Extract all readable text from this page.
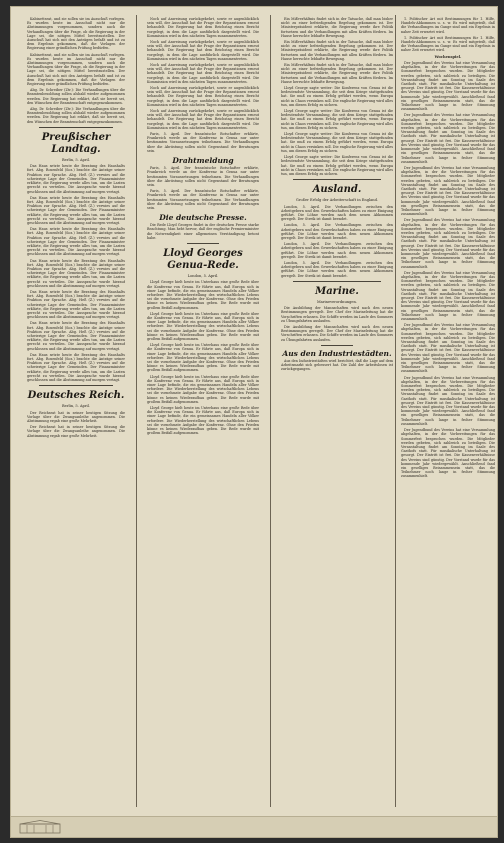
Kabinettsrat, und sie sollen sie im Ausschuß vorlegen. Es wurden heute im Ausschuß nicht nur die Abstimmungen vorgenommen, sondern auch die Verhandlungen über die Frage, ob die Regierung in der Lage sei, die nötigen Mittel bereitzustellen. Der Ausschuß hat sich mit den Anträgen befaßt und ist zu dem Ergebnis gekommen, daß die Vorlagen der Regierung einer gründlichen Prüfung bedürfen.

Kabinettsrat, und sie sollen sie im Ausschuß vorlegen. Es wurden heute im Ausschuß nicht nur die Abstimmungen vorgenommen, sondern auch die Verhandlungen über die Frage, ob die Regierung in der Lage sei, die nötigen Mittel bereitzustellen. Der Ausschuß hat sich mit den Anträgen befaßt und ist zu dem Ergebnis gekommen, daß die Vorlagen der Regierung einer gründlichen Prüfung bedürfen.

Abg. Dr. Schreiber (Ztr.): Die Verhandlungen über die Beamtenbesoldung sollen alsbald wieder aufgenommen werden. Die Regierung hat erklärt, daß sie bereit sei, den Wünschen der Beamtenschaft entgegenzukommen.

Abg. Dr. Schreiber (Ztr.): Die Verhandlungen über die Beamtenbesoldung sollen alsbald wieder aufgenommen werden. Die Regierung hat erklärt, daß sie bereit sei, den Wünschen der Beamtenschaft entgegenzukommen.

Preußischer Landtag.
Berlin, 5. April.

Das Haus setzte heute die Beratung des Haushalts fort. Abg. Rosenfeld (Soz.) brachte die Anträge seiner Fraktion zur Sprache. Abg. Heß (Z.) verwies auf die schwierige Lage der Gemeinden. Der Finanzminister erklärte, die Regierung werde alles tun, um die Lasten gerecht zu verteilen. Die Aussprache wurde hierauf geschlossen und die Abstimmung auf morgen vertagt.

Das Haus setzte heute die Beratung des Haushalts fort. Abg. Rosenfeld (Soz.) brachte die Anträge seiner Fraktion zur Sprache. Abg. Heß (Z.) verwies auf die schwierige Lage der Gemeinden. Der Finanzminister erklärte, die Regierung werde alles tun, um die Lasten gerecht zu verteilen. Die Aussprache wurde hierauf geschlossen und die Abstimmung auf morgen vertagt.

Das Haus setzte heute die Beratung des Haushalts fort. Abg. Rosenfeld (Soz.) brachte die Anträge seiner Fraktion zur Sprache. Abg. Heß (Z.) verwies auf die schwierige Lage der Gemeinden. Der Finanzminister erklärte, die Regierung werde alles tun, um die Lasten gerecht zu verteilen. Die Aussprache wurde hierauf geschlossen und die Abstimmung auf morgen vertagt.

Das Haus setzte heute die Beratung des Haushalts fort. Abg. Rosenfeld (Soz.) brachte die Anträge seiner Fraktion zur Sprache. Abg. Heß (Z.) verwies auf die schwierige Lage der Gemeinden. Der Finanzminister erklärte, die Regierung werde alles tun, um die Lasten gerecht zu verteilen. Die Aussprache wurde hierauf geschlossen und die Abstimmung auf morgen vertagt.

Das Haus setzte heute die Beratung des Haushalts fort. Abg. Rosenfeld (Soz.) brachte die Anträge seiner Fraktion zur Sprache. Abg. Heß (Z.) verwies auf die schwierige Lage der Gemeinden. Der Finanzminister erklärte, die Regierung werde alles tun, um die Lasten gerecht zu verteilen. Die Aussprache wurde hierauf geschlossen und die Abstimmung auf morgen vertagt.

Das Haus setzte heute die Beratung des Haushalts fort. Abg. Rosenfeld (Soz.) brachte die Anträge seiner Fraktion zur Sprache. Abg. Heß (Z.) verwies auf die schwierige Lage der Gemeinden. Der Finanzminister erklärte, die Regierung werde alles tun, um die Lasten gerecht zu verteilen. Die Aussprache wurde hierauf geschlossen und die Abstimmung auf morgen vertagt.

Das Haus setzte heute die Beratung des Haushalts fort. Abg. Rosenfeld (Soz.) brachte die Anträge seiner Fraktion zur Sprache. Abg. Heß (Z.) verwies auf die schwierige Lage der Gemeinden. Der Finanzminister erklärte, die Regierung werde alles tun, um die Lasten gerecht zu verteilen. Die Aussprache wurde hierauf geschlossen und die Abstimmung auf morgen vertagt.

Deutsches Reich.
Berlin, 5. April.

Der Reichsrat hat in seiner heutigen Sitzung die Vorlage über die Zwangsanleihe angenommen. Die Abstimmung ergab eine große Mehrheit.

Der Reichsrat hat in seiner heutigen Sitzung die Vorlage über die Zwangsanleihe angenommen. Die Abstimmung ergab eine große Mehrheit.

Noch auf Anweisung zurückgekehrt, sowie er augenblicklich sein will, der Ausschuß hat die Frage der Reparationen erneut behandelt. Die Regierung hat dem Reichstag einen Bericht vorgelegt, in dem die Lage ausführlich dargestellt wird. Die Kommission wird in den nächsten Tagen zusammentreten.

Noch auf Anweisung zurückgekehrt, sowie er augenblicklich sein will, der Ausschuß hat die Frage der Reparationen erneut behandelt. Die Regierung hat dem Reichstag einen Bericht vorgelegt, in dem die Lage ausführlich dargestellt wird. Die Kommission wird in den nächsten Tagen zusammentreten.

Noch auf Anweisung zurückgekehrt, sowie er augenblicklich sein will, der Ausschuß hat die Frage der Reparationen erneut behandelt. Die Regierung hat dem Reichstag einen Bericht vorgelegt, in dem die Lage ausführlich dargestellt wird. Die Kommission wird in den nächsten Tagen zusammentreten.

Noch auf Anweisung zurückgekehrt, sowie er augenblicklich sein will, der Ausschuß hat die Frage der Reparationen erneut behandelt. Die Regierung hat dem Reichstag einen Bericht vorgelegt, in dem die Lage ausführlich dargestellt wird. Die Kommission wird in den nächsten Tagen zusammentreten.

Noch auf Anweisung zurückgekehrt, sowie er augenblicklich sein will, der Ausschuß hat die Frage der Reparationen erneut behandelt. Die Regierung hat dem Reichstag einen Bericht vorgelegt, in dem die Lage ausführlich dargestellt wird. Die Kommission wird in den nächsten Tagen zusammentreten.

Paris, 5. April. Der französische Botschafter erklärte, Frankreich werde an der Konferenz in Genua nur unter bestimmten Voraussetzungen teilnehmen. Die Verhandlungen über die Abrüstung sollen nicht Gegenstand der Beratungen sein.

Drahtmeldung

Paris, 5. April. Der französische Botschafter erklärte, Frankreich werde an der Konferenz in Genua nur unter bestimmten Voraussetzungen teilnehmen. Die Verhandlungen über die Abrüstung sollen nicht Gegenstand der Beratungen sein.

Paris, 5. April. Der französische Botschafter erklärte, Frankreich werde an der Konferenz in Genua nur unter bestimmten Voraussetzungen teilnehmen. Die Verhandlungen über die Abrüstung sollen nicht Gegenstand der Beratungen sein.

Die deutsche Presse.

Die Rede Lloyd Georges findet in der deutschen Presse starke Beachtung. Man hebt hervor, daß der englische Premierminister die Notwendigkeit einer allgemeinen Verständigung betont habe.

Lloyd Georges Genua-Rede.
London, 5. April.

Lloyd George hielt heute im Unterhaus eine große Rede über die Konferenz von Genua. Er führte aus, daß Europa sich in einer Lage befinde, die ein gemeinsames Handeln aller Völker erfordere. Die Wiederherstellung des wirtschaftlichen Lebens sei die vornehmste Aufgabe der Konferenz. Ohne den Frieden könne es keinen Wiederaufbau geben. Die Rede wurde mit großem Beifall aufgenommen.

Lloyd George hielt heute im Unterhaus eine große Rede über die Konferenz von Genua. Er führte aus, daß Europa sich in einer Lage befinde, die ein gemeinsames Handeln aller Völker erfordere. Die Wiederherstellung des wirtschaftlichen Lebens sei die vornehmste Aufgabe der Konferenz. Ohne den Frieden könne es keinen Wiederaufbau geben. Die Rede wurde mit großem Beifall aufgenommen.

Lloyd George hielt heute im Unterhaus eine große Rede über die Konferenz von Genua. Er führte aus, daß Europa sich in einer Lage befinde, die ein gemeinsames Handeln aller Völker erfordere. Die Wiederherstellung des wirtschaftlichen Lebens sei die vornehmste Aufgabe der Konferenz. Ohne den Frieden könne es keinen Wiederaufbau geben. Die Rede wurde mit großem Beifall aufgenommen.

Lloyd George hielt heute im Unterhaus eine große Rede über die Konferenz von Genua. Er führte aus, daß Europa sich in einer Lage befinde, die ein gemeinsames Handeln aller Völker erfordere. Die Wiederherstellung des wirtschaftlichen Lebens sei die vornehmste Aufgabe der Konferenz. Ohne den Frieden könne es keinen Wiederaufbau geben. Die Rede wurde mit großem Beifall aufgenommen.

Lloyd George hielt heute im Unterhaus eine große Rede über die Konferenz von Genua. Er führte aus, daß Europa sich in einer Lage befinde, die ein gemeinsames Handeln aller Völker erfordere. Die Wiederherstellung des wirtschaftlichen Lebens sei die vornehmste Aufgabe der Konferenz. Ohne den Frieden könne es keinen Wiederaufbau geben. Die Rede wurde mit großem Beifall aufgenommen.

Ein Mißverhältnis findet sich in der Tatsache, daß man bisher nicht zu einer befriedigenden Regelung gekommen ist. Der Ministerpräsident erklärte, die Regierung werde ihre Politik fortsetzen und die Verhandlungen mit allen Kräften fördern. Im Hause herrschte lebhafte Bewegung.

Ein Mißverhältnis findet sich in der Tatsache, daß man bisher nicht zu einer befriedigenden Regelung gekommen ist. Der Ministerpräsident erklärte, die Regierung werde ihre Politik fortsetzen und die Verhandlungen mit allen Kräften fördern. Im Hause herrschte lebhafte Bewegung.

Ein Mißverhältnis findet sich in der Tatsache, daß man bisher nicht zu einer befriedigenden Regelung gekommen ist. Der Ministerpräsident erklärte, die Regierung werde ihre Politik fortsetzen und die Verhandlungen mit allen Kräften fördern. Im Hause herrschte lebhafte Bewegung.

Lloyd George sagte weiter: Die Konferenz von Genua ist die bedeutendste Versammlung, die seit dem Kriege stattgefunden hat. Sie muß zu einem Erfolg geführt werden, wenn Europa nicht in Chaos versinken soll. Die englische Regierung wird alles tun, um diesen Erfolg zu sichern.

Lloyd George sagte weiter: Die Konferenz von Genua ist die bedeutendste Versammlung, die seit dem Kriege stattgefunden hat. Sie muß zu einem Erfolg geführt werden, wenn Europa nicht in Chaos versinken soll. Die englische Regierung wird alles tun, um diesen Erfolg zu sichern.

Lloyd George sagte weiter: Die Konferenz von Genua ist die bedeutendste Versammlung, die seit dem Kriege stattgefunden hat. Sie muß zu einem Erfolg geführt werden, wenn Europa nicht in Chaos versinken soll. Die englische Regierung wird alles tun, um diesen Erfolg zu sichern.

Lloyd George sagte weiter: Die Konferenz von Genua ist die bedeutendste Versammlung, die seit dem Kriege stattgefunden hat. Sie muß zu einem Erfolg geführt werden, wenn Europa nicht in Chaos versinken soll. Die englische Regierung wird alles tun, um diesen Erfolg zu sichern.

Ausland.
Großer Erfolg der Arbeiterschaft in England.

London, 5. April. Die Verhandlungen zwischen den Arbeitgebern und den Gewerkschaften haben zu einer Einigung geführt. Die Löhne werden nach dem neuen Abkommen geregelt. Der Streik ist damit beendet.

London, 5. April. Die Verhandlungen zwischen den Arbeitgebern und den Gewerkschaften haben zu einer Einigung geführt. Die Löhne werden nach dem neuen Abkommen geregelt. Der Streik ist damit beendet.

London, 5. April. Die Verhandlungen zwischen den Arbeitgebern und den Gewerkschaften haben zu einer Einigung geführt. Die Löhne werden nach dem neuen Abkommen geregelt. Der Streik ist damit beendet.

London, 5. April. Die Verhandlungen zwischen den Arbeitgebern und den Gewerkschaften haben zu einer Einigung geführt. Die Löhne werden nach dem neuen Abkommen geregelt. Der Streik ist damit beendet.

Marine.
Marineverordnungen.

Die Ausbildung der Mannschaften wird nach den neuen Bestimmungen geregelt. Der Chef der Marineleitung hat die Vorschriften erlassen. Die Schiffe werden im Laufe des Sommers zu Übungsfahrten auslaufen.

Die Ausbildung der Mannschaften wird nach den neuen Bestimmungen geregelt. Der Chef der Marineleitung hat die Vorschriften erlassen. Die Schiffe werden im Laufe des Sommers zu Übungsfahrten auslaufen.

Aus den Industriestädten.

Aus den Industriestädten wird berichtet, daß die Lage auf dem Arbeitsmarkt sich gebessert hat. Die Zahl der Arbeitslosen ist zurückgegangen.

1. Politischer Art mit Bestimmungen für 1. Hilfe, Handels-Abkommen u. s. w. Es wird mitgeteilt, daß die Verhandlungen im Gange sind und ein Ergebnis in naher Zeit erwartet wird.

1. Politischer Art mit Bestimmungen für 1. Hilfe, Handels-Abkommen u. s. w. Es wird mitgeteilt, daß die Verhandlungen im Gange sind und ein Ergebnis in naher Zeit erwartet wird.

Wochenspiel.

Der Jugendbund des Vereins hat eine Versammlung abgehalten, in der die Vorbereitungen für das Sommerfest besprochen wurden. Die Mitglieder werden gebeten, sich zahlreich zu beteiligen. Die Veranstaltung findet am Sonntag im Saale des Gasthofs statt. Für musikalische Unterhaltung ist gesorgt. Der Eintritt ist frei. Die Kassenverhältnisse des Vereins sind günstig. Der Vorstand wurde für das kommende Jahr wiedergewählt. Anschließend fand ein geselliges Beisammensein statt, das die Teilnehmer noch lange in froher Stimmung zusammenhielt.

Der Jugendbund des Vereins hat eine Versammlung abgehalten, in der die Vorbereitungen für das Sommerfest besprochen wurden. Die Mitglieder werden gebeten, sich zahlreich zu beteiligen. Die Veranstaltung findet am Sonntag im Saale des Gasthofs statt. Für musikalische Unterhaltung ist gesorgt. Der Eintritt ist frei. Die Kassenverhältnisse des Vereins sind günstig. Der Vorstand wurde für das kommende Jahr wiedergewählt. Anschließend fand ein geselliges Beisammensein statt, das die Teilnehmer noch lange in froher Stimmung zusammenhielt.

Der Jugendbund des Vereins hat eine Versammlung abgehalten, in der die Vorbereitungen für das Sommerfest besprochen wurden. Die Mitglieder werden gebeten, sich zahlreich zu beteiligen. Die Veranstaltung findet am Sonntag im Saale des Gasthofs statt. Für musikalische Unterhaltung ist gesorgt. Der Eintritt ist frei. Die Kassenverhältnisse des Vereins sind günstig. Der Vorstand wurde für das kommende Jahr wiedergewählt. Anschließend fand ein geselliges Beisammensein statt, das die Teilnehmer noch lange in froher Stimmung zusammenhielt.

Der Jugendbund des Vereins hat eine Versammlung abgehalten, in der die Vorbereitungen für das Sommerfest besprochen wurden. Die Mitglieder werden gebeten, sich zahlreich zu beteiligen. Die Veranstaltung findet am Sonntag im Saale des Gasthofs statt. Für musikalische Unterhaltung ist gesorgt. Der Eintritt ist frei. Die Kassenverhältnisse des Vereins sind günstig. Der Vorstand wurde für das kommende Jahr wiedergewählt. Anschließend fand ein geselliges Beisammensein statt, das die Teilnehmer noch lange in froher Stimmung zusammenhielt.

Der Jugendbund des Vereins hat eine Versammlung abgehalten, in der die Vorbereitungen für das Sommerfest besprochen wurden. Die Mitglieder werden gebeten, sich zahlreich zu beteiligen. Die Veranstaltung findet am Sonntag im Saale des Gasthofs statt. Für musikalische Unterhaltung ist gesorgt. Der Eintritt ist frei. Die Kassenverhältnisse des Vereins sind günstig. Der Vorstand wurde für das kommende Jahr wiedergewählt. Anschließend fand ein geselliges Beisammensein statt, das die Teilnehmer noch lange in froher Stimmung zusammenhielt.

Der Jugendbund des Vereins hat eine Versammlung abgehalten, in der die Vorbereitungen für das Sommerfest besprochen wurden. Die Mitglieder werden gebeten, sich zahlreich zu beteiligen. Die Veranstaltung findet am Sonntag im Saale des Gasthofs statt. Für musikalische Unterhaltung ist gesorgt. Der Eintritt ist frei. Die Kassenverhältnisse des Vereins sind günstig. Der Vorstand wurde für das kommende Jahr wiedergewählt. Anschließend fand ein geselliges Beisammensein statt, das die Teilnehmer noch lange in froher Stimmung zusammenhielt.

Der Jugendbund des Vereins hat eine Versammlung abgehalten, in der die Vorbereitungen für das Sommerfest besprochen wurden. Die Mitglieder werden gebeten, sich zahlreich zu beteiligen. Die Veranstaltung findet am Sonntag im Saale des Gasthofs statt. Für musikalische Unterhaltung ist gesorgt. Der Eintritt ist frei. Die Kassenverhältnisse des Vereins sind günstig. Der Vorstand wurde für das kommende Jahr wiedergewählt. Anschließend fand ein geselliges Beisammensein statt, das die Teilnehmer noch lange in froher Stimmung zusammenhielt.

Der Jugendbund des Vereins hat eine Versammlung abgehalten, in der die Vorbereitungen für das Sommerfest besprochen wurden. Die Mitglieder werden gebeten, sich zahlreich zu beteiligen. Die Veranstaltung findet am Sonntag im Saale des Gasthofs statt. Für musikalische Unterhaltung ist gesorgt. Der Eintritt ist frei. Die Kassenverhältnisse des Vereins sind günstig. Der Vorstand wurde für das kommende Jahr wiedergewählt. Anschließend fand ein geselliges Beisammensein statt, das die Teilnehmer noch lange in froher Stimmung zusammenhielt.
